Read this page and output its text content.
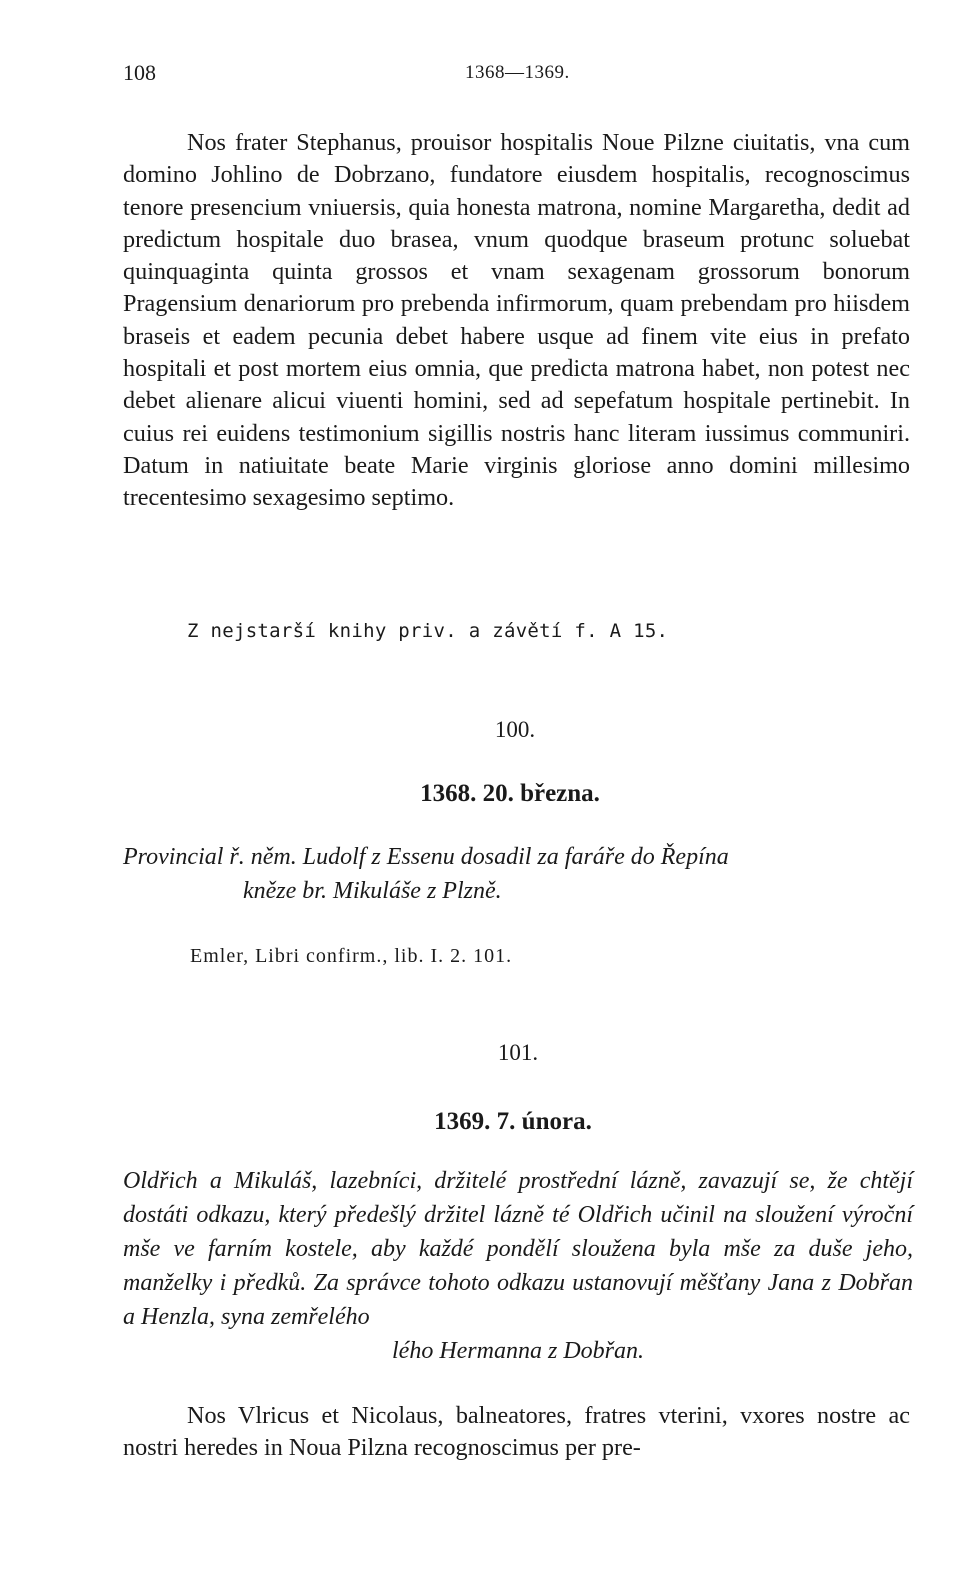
108	1368—1369.

Nos frater Stephanus, prouisor hospitalis Noue Pilzne ciuitatis, vna cum domino Johlino de Dobrzano, fundatore eiusdem hospitalis, recognoscimus tenore presencium vniuersis, quia honesta matrona, nomine Margaretha, dedit ad predictum hospitale duo brasea, vnum quodque braseum protunc soluebat quinquaginta quinta grossos et vnam sexagenam grossorum bonorum Pragensium denariorum pro prebenda infirmorum, quam prebendam pro hiisdem braseis et eadem pecunia debet habere usque ad finem vite eius in prefato hospitali et post mortem eius omnia, que predicta matrona habet, non potest nec debet alienare alicui viuenti homini, sed ad sepefatum hospitale pertinebit. In cuius rei euidens testimonium sigillis nostris hanc literam iussimus communiri. Datum in natiuitate beate Marie virginis gloriose anno domini millesimo trecentesimo sexagesimo septimo.

Z nejstarší knihy priv. a závětí f. A 15.
100.
1368. 20. března.

Provincial ř. něm. Ludolf z Essenu dosadil za faráře do Řepína

kněze br. Mikuláše z Plzně.

Emler, Libri confirm., lib. I. 2. 101.
101.
1369. 7. února.

Oldřich a Mikuláš, lazebníci, držitelé prostřední lázně, zavazují se, že chtějí dostáti odkazu, který předešlý držitel lázně té Oldřich učinil na sloužení výroční mše ve farním kostele, aby každé pondělí sloužena byla mše za duše jeho, manželky i předků. Za správce tohoto odkazu ustanovují měšťany Jana z Dobřan a Henzla, syna zemřelého
lého Hermanna z Dobřan.

Nos Vlricus et Nicolaus, balneatores, fratres vterini, vxores nostre ac nostri heredes in Noua Pilzna recognoscimus per pre-
